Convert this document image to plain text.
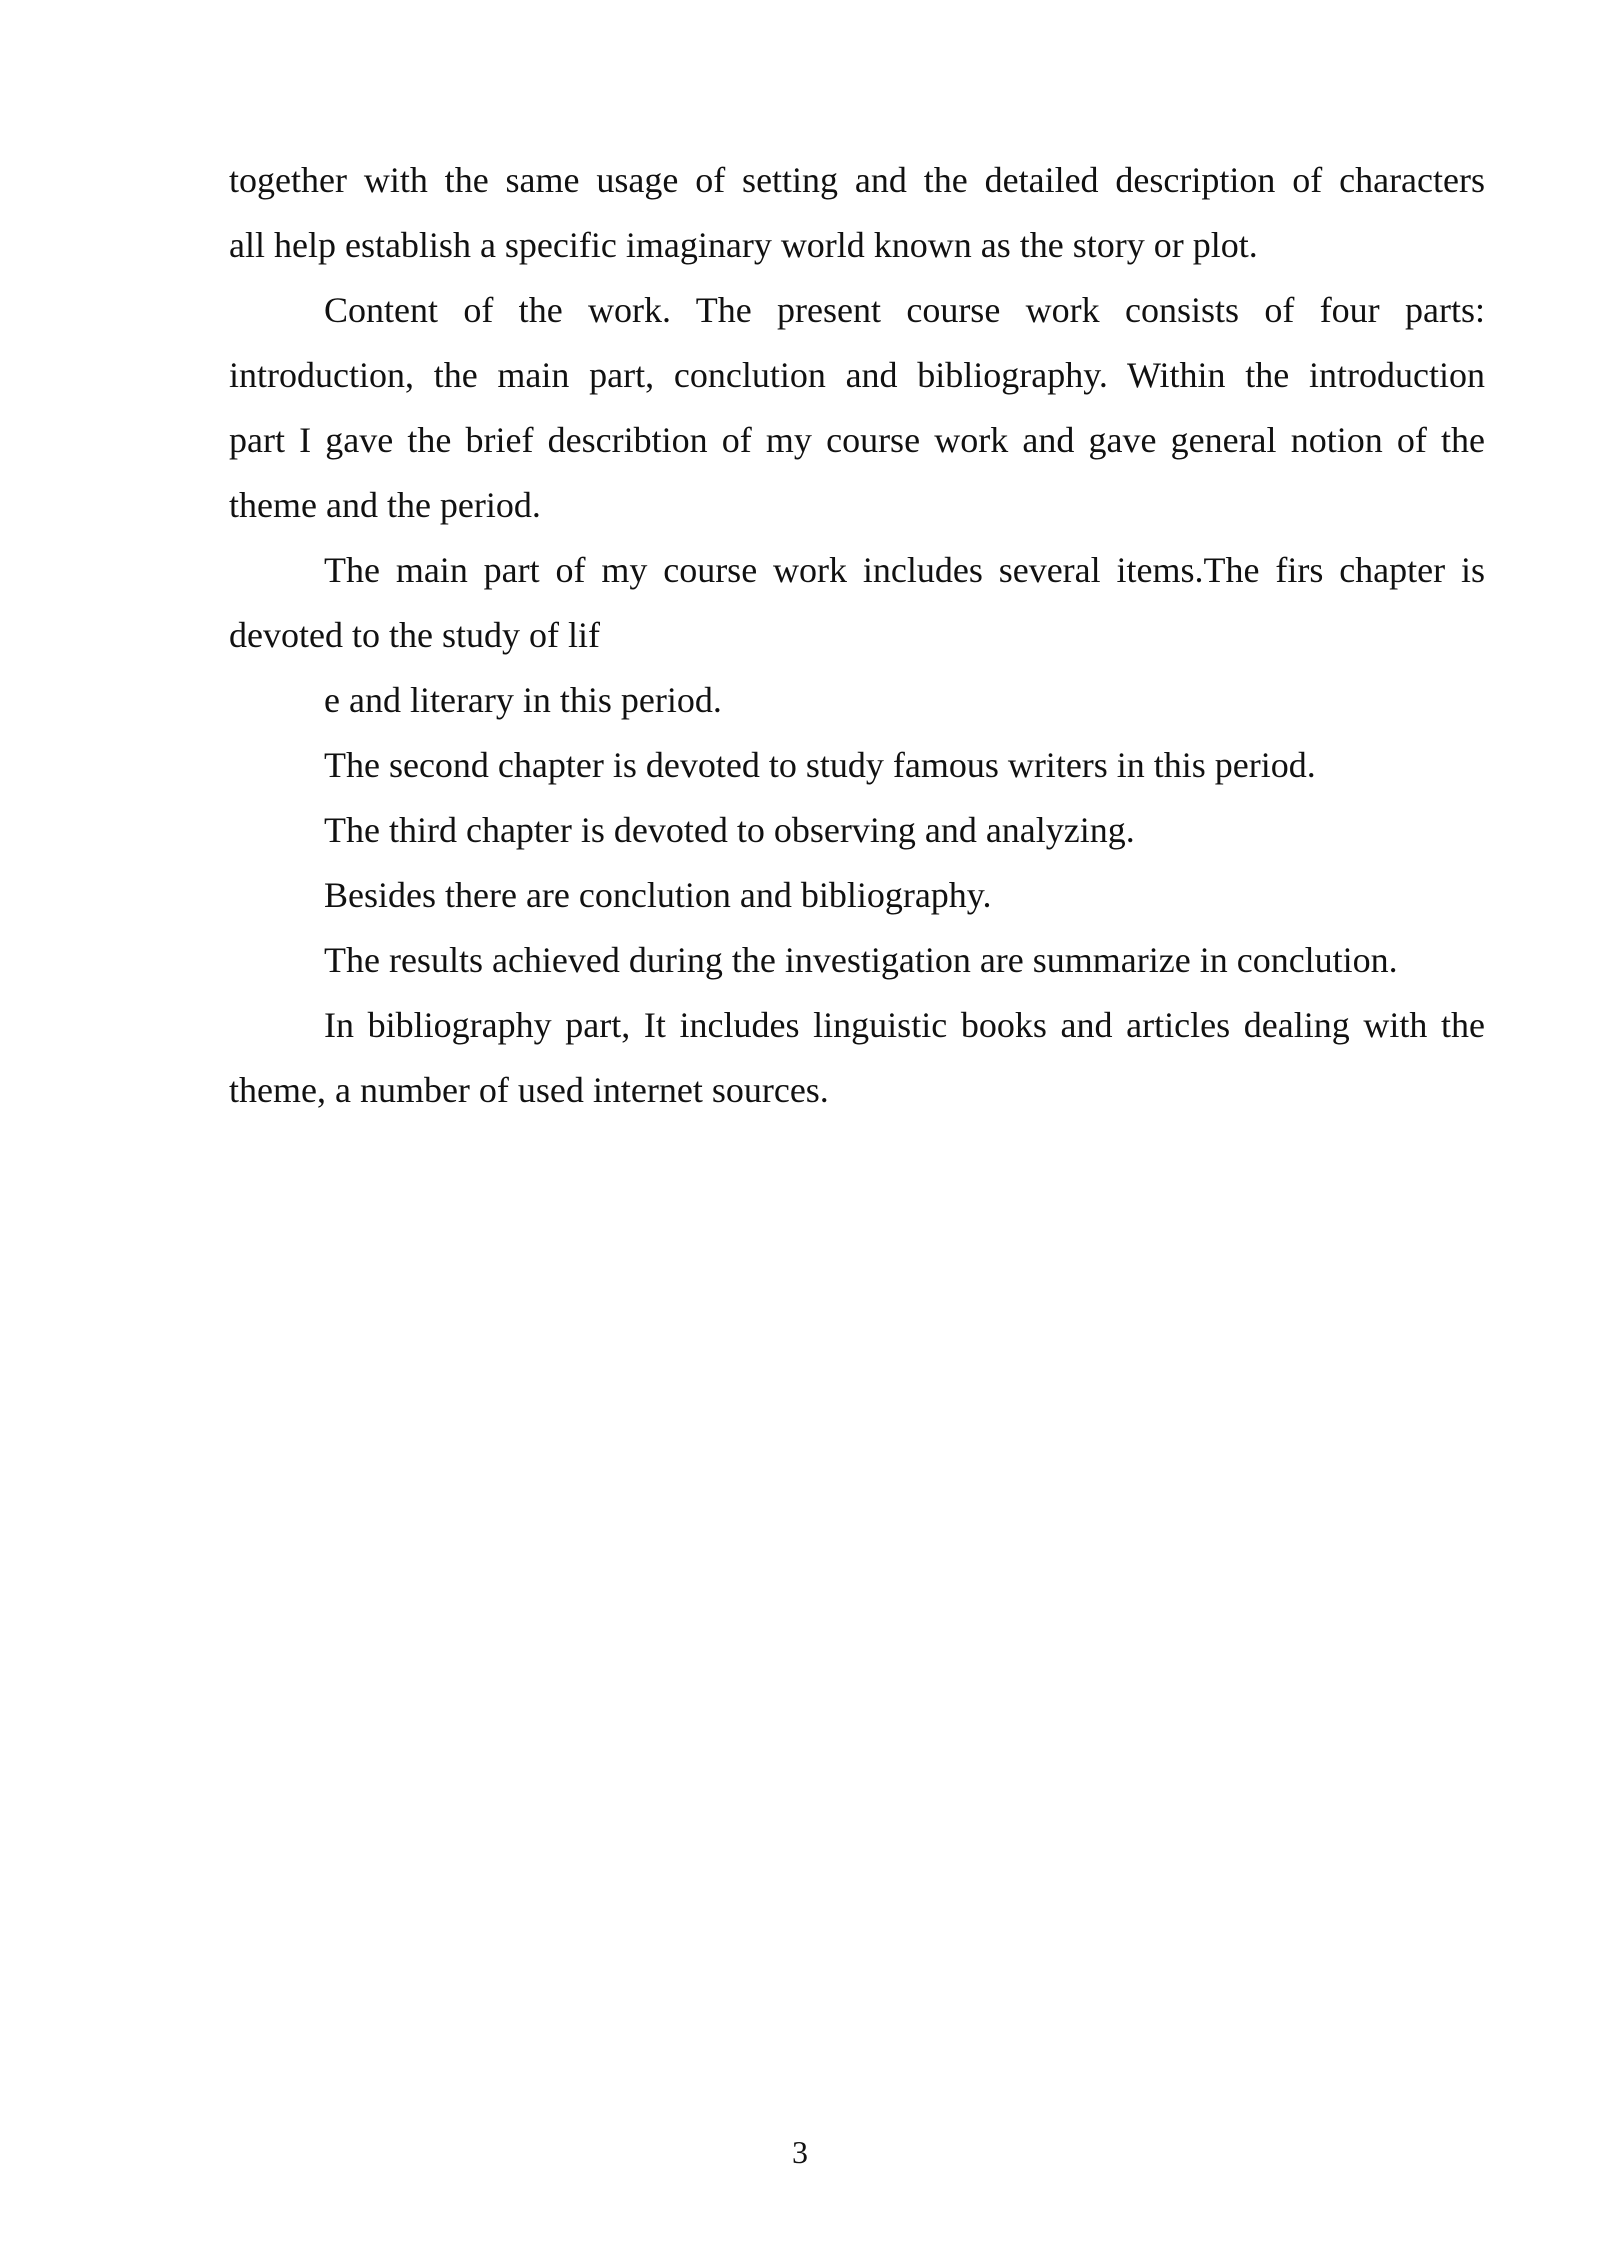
together with the same usage of setting and the detailed description of characters
all help establish a specific imaginary world known as the story or plot.
Content of the work. The present course work consists of four parts:
introduction, the main part, conclution and bibliography. Within the introduction
part I gave the brief describtion of my course work and gave general notion of the
theme and the period.
The main part of my course work includes several items.The firs chapter is
devoted to the study of lif
e and literary in this period.
The second chapter is devoted to study famous writers in this period.
The third chapter is devoted to observing and analyzing.
Besides there are conclution and bibliography.
The results achieved during the investigation are summarize in conclution.
In bibliography part, It includes linguistic books and articles dealing with the
theme, a number of used internet sources.
3
